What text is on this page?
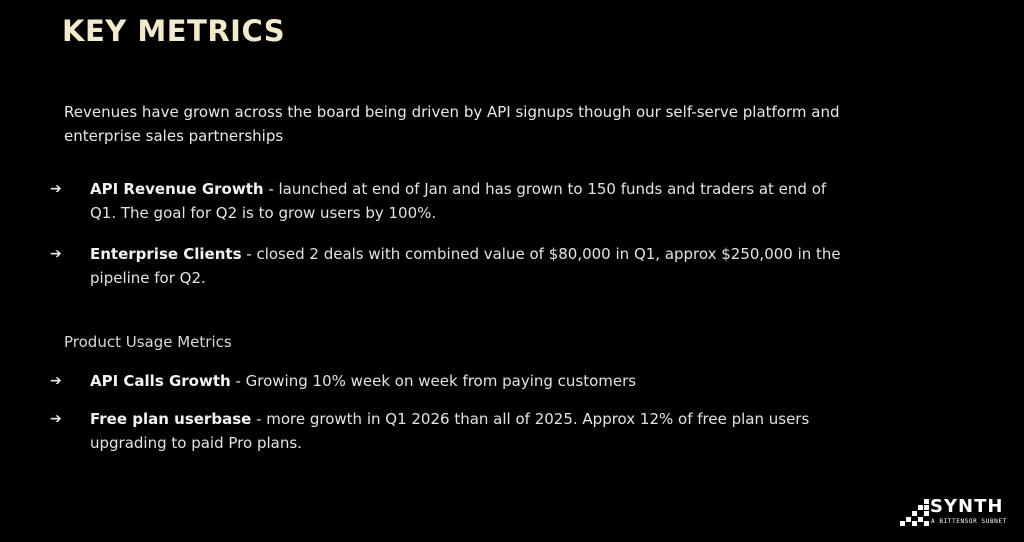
KEY METRICS

Revenues have grown across the board being driven by API signups though our self-serve platform and enterprise sales partnerships

➔	API Revenue Growth - launched at end of Jan and has grown to 150 funds and traders at end of Q1. The goal for Q2 is to grow users by 100%.
➔	Enterprise Clients - closed 2 deals with combined value of $80,000 in Q1, approx $250,000 in the pipeline for Q2.

Product Usage Metrics

➔	API Calls Growth - Growing 10% week on week from paying customers
➔	Free plan userbase - more growth in Q1 2026 than all of 2025. Approx 12% of free plan users upgrading to paid Pro plans.
SYNTH
A BITTENSOR SUBNET
